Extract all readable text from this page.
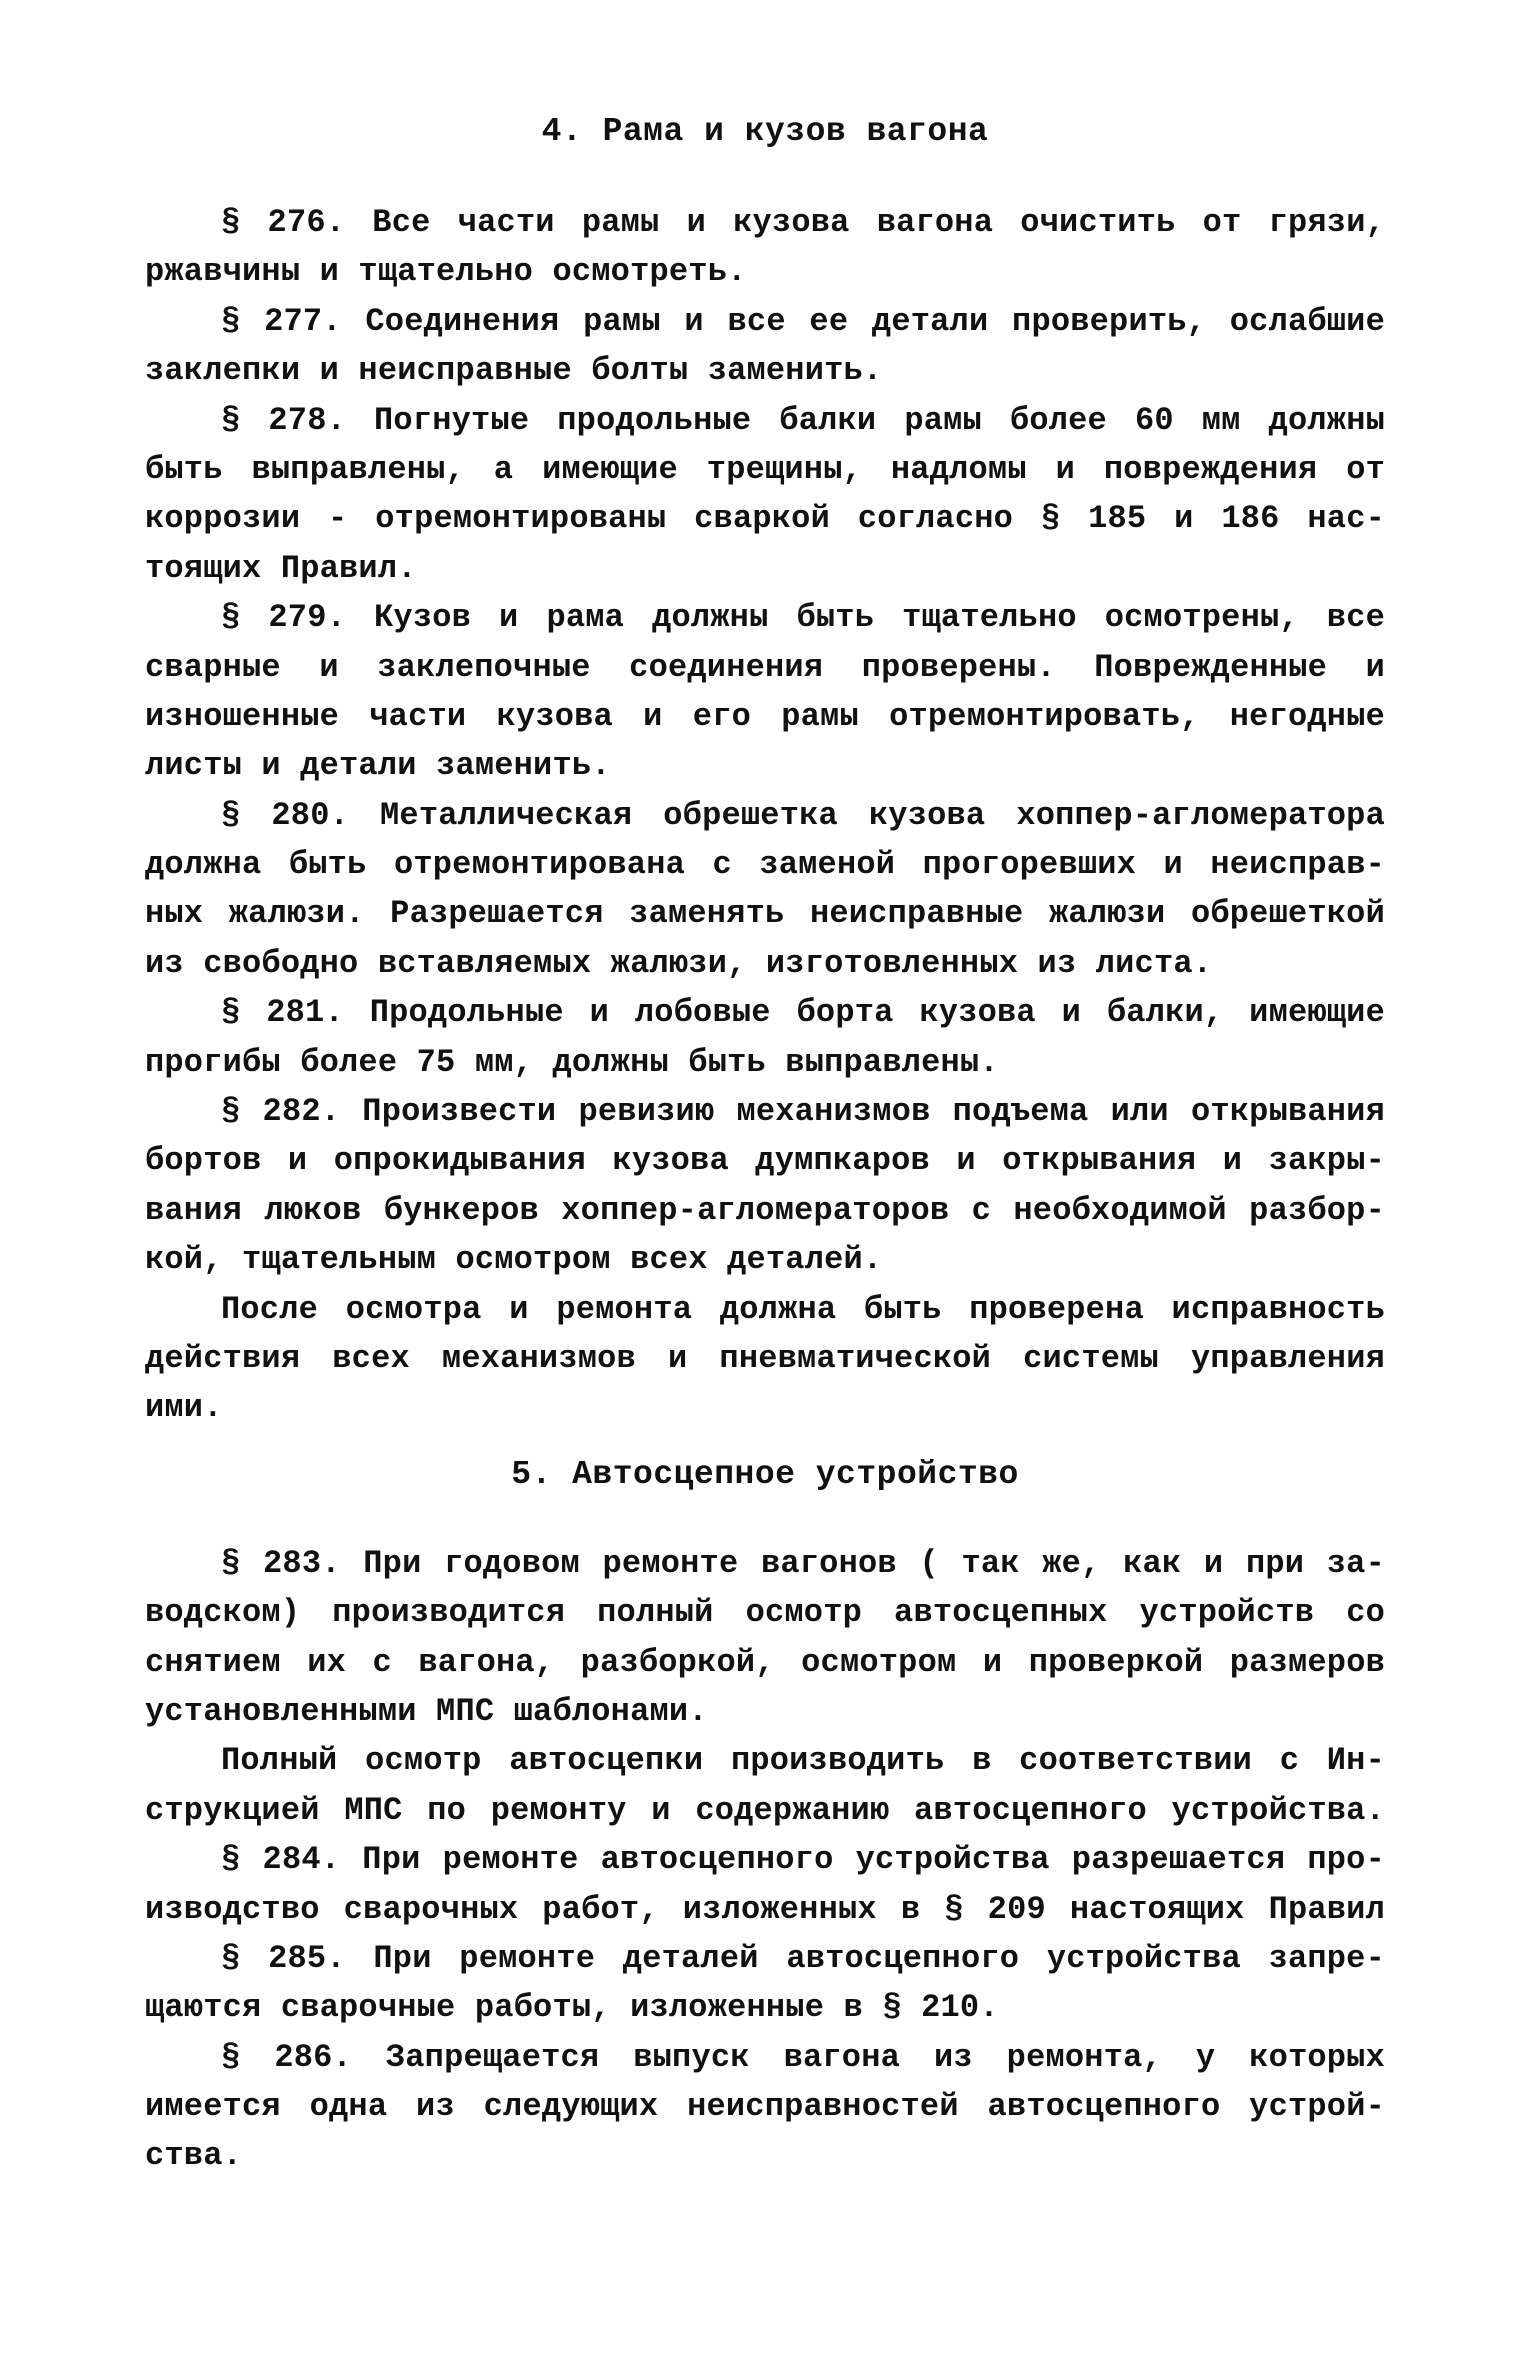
4. Рама и кузов вагона
§ 276. Все части рамы и кузова вагона очистить от грязи,
ржавчины и тщательно осмотреть.
§ 277. Соединения рамы и все ее детали проверить, ослабшие
заклепки и неисправные болты заменить.
§ 278. Погнутые продольные балки рамы более 60 мм должны
быть выправлены, а имеющие трещины, надломы и повреждения от
коррозии - отремонтированы сваркой согласно § 185 и 186 нас-
тоящих Правил.
§ 279. Кузов и рама должны быть тщательно осмотрены, все
сварные и заклепочные соединения проверены. Поврежденные и
изношенные части кузова и его рамы отремонтировать, негодные
листы и детали заменить.
§ 280. Металлическая обрешетка кузова хоппер-агломератора
должна быть отремонтирована с заменой прогоревших и неиспрaв-
ных жалюзи. Разрешается заменять неисправные жалюзи обрешеткой
из свободно вставляемых жалюзи, изготовленных из листа.
§ 281. Продольные и лобовые борта кузова и балки, имеющие
прогибы более 75 мм, должны быть выправлены.
§ 282. Произвести ревизию механизмов подъема или открывания
бортов и опрокидывания кузова думпкаров и открывания и закры-
вания люков бункеров хоппер-агломераторов с необходимой разбор-
кой, тщательным осмотром всех деталей.
После осмотра и ремонта должна быть проверена исправность
действия всех механизмов и пневматической системы управления
ими.
5. Автосцепное устройство
§ 283. При годовом ремонте вагонов ( так же, как и при за-
водском) производится полный осмотр автосцепных устройств со
снятием их с вагона, разборкой, осмотром и проверкой размеров
установленными МПС шаблонами.
Полный осмотр автосцепки производить в соответствии с Ин-
струкцией МПС по ремонту и содержанию автосцепного устройства.
§ 284. При ремонте автосцепного устройства разрешается про-
изводство сварочных работ, изложенных в § 209 настоящих Правил
§ 285. При ремонте деталей автосцепного устройства запре-
щаются сварочные работы, изложенные в § 210.
§ 286. Запрещается выпуск вагона из ремонта, у которых
имеется одна из следующих неисправностей автосцепного устрой-
ства.
